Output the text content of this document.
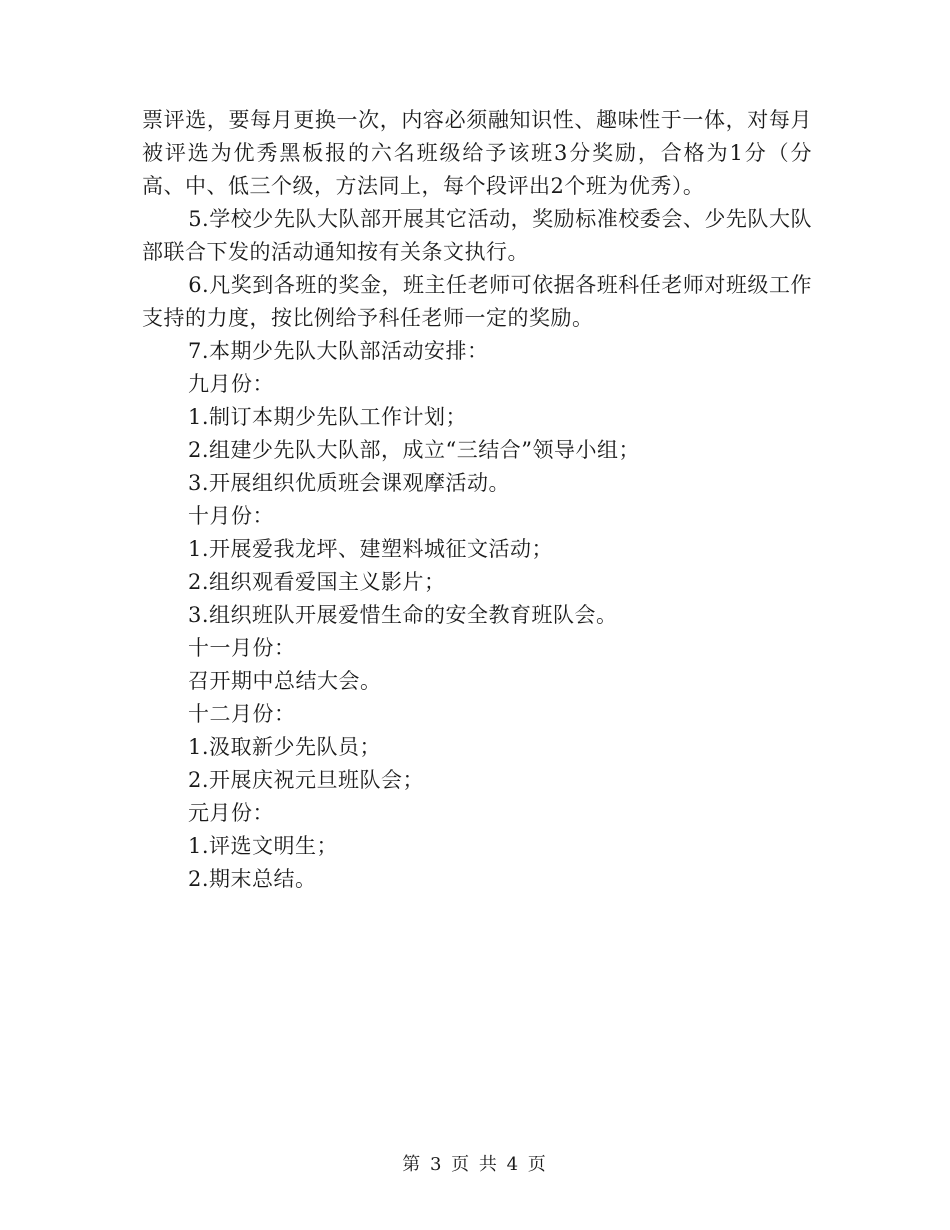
票评选，要每月更换一次，内容必须融知识性、趣味性于一体，对每月被评选为优秀黑板报的六名班级给予该班3分奖励，合格为1分（分高、中、低三个级，方法同上，每个段评出2个班为优秀）。

5.学校少先队大队部开展其它活动，奖励标准校委会、少先队大队部联合下发的活动通知按有关条文执行。

6.凡奖到各班的奖金，班主任老师可依据各班科任老师对班级工作支持的力度，按比例给予科任老师一定的奖励。

7.本期少先队大队部活动安排：

九月份：

1.制订本期少先队工作计划；

2.组建少先队大队部，成立“三结合”领导小组；

3.开展组织优质班会课观摩活动。

十月份：

1.开展爱我龙坪、建塑料城征文活动；

2.组织观看爱国主义影片；

3.组织班队开展爱惜生命的安全教育班队会。

十一月份：

召开期中总结大会。

十二月份：

1.汲取新少先队员；

2.开展庆祝元旦班队会；

元月份：

1.评选文明生；

2.期末总结。

第 3 页 共 4 页
